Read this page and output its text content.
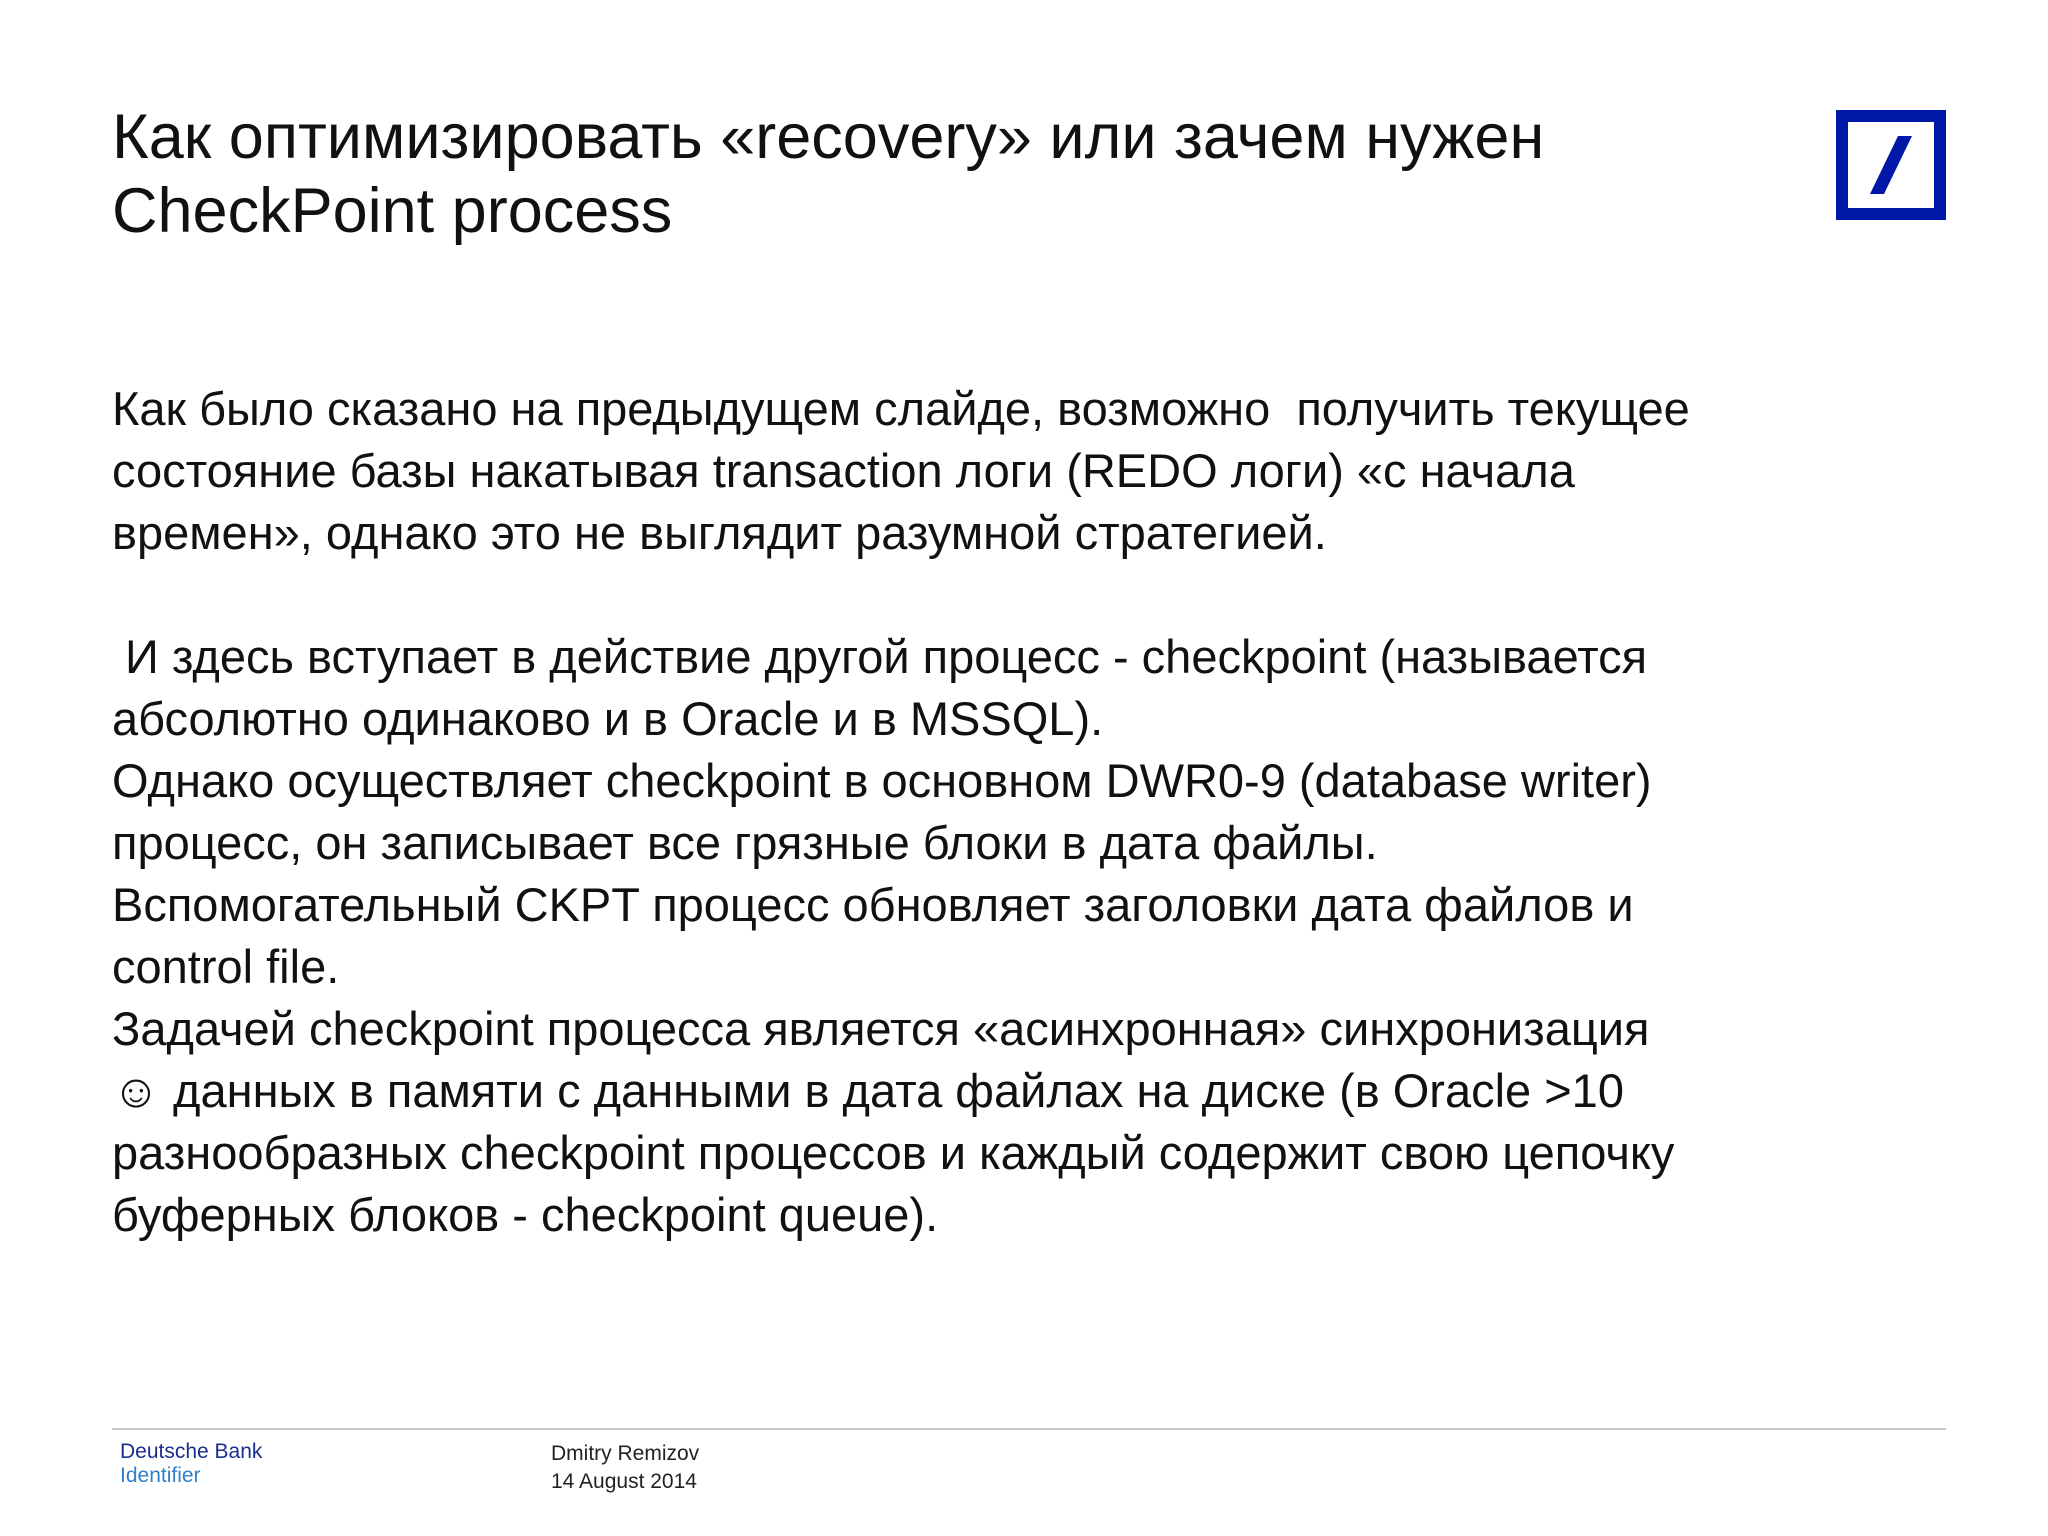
Как оптимизировать «recovery» или зачем нужен
CheckPoint process
Как было сказано на предыдущем слайде, возможно  получить текущее
состояние базы накатывая transaction логи (REDO логи) «с начала
времен», однако это не выглядит разумной стратегией.
И здесь вступает в действие другой процесс - checkpoint (называется
абсолютно одинаково и в Oracle и в MSSQL).
Однако осуществляет checkpoint в основном DWR0-9 (database writer)
процесс, он записывает все грязные блоки в дата файлы.
Вспомогательный CKPT процесс обновляет заголовки дата файлов и
control file.
Задачей checkpoint процесса является «асинхронная» синхронизация
☺ данных в памяти с данными в дата файлах на диске (в Oracle >10
разнообразных checkpoint процессов и каждый содержит свою цепочку
буферных блоков - checkpoint queue).
Deutsche Bank
Identifier
Dmitry Remizov
14 August 2014
